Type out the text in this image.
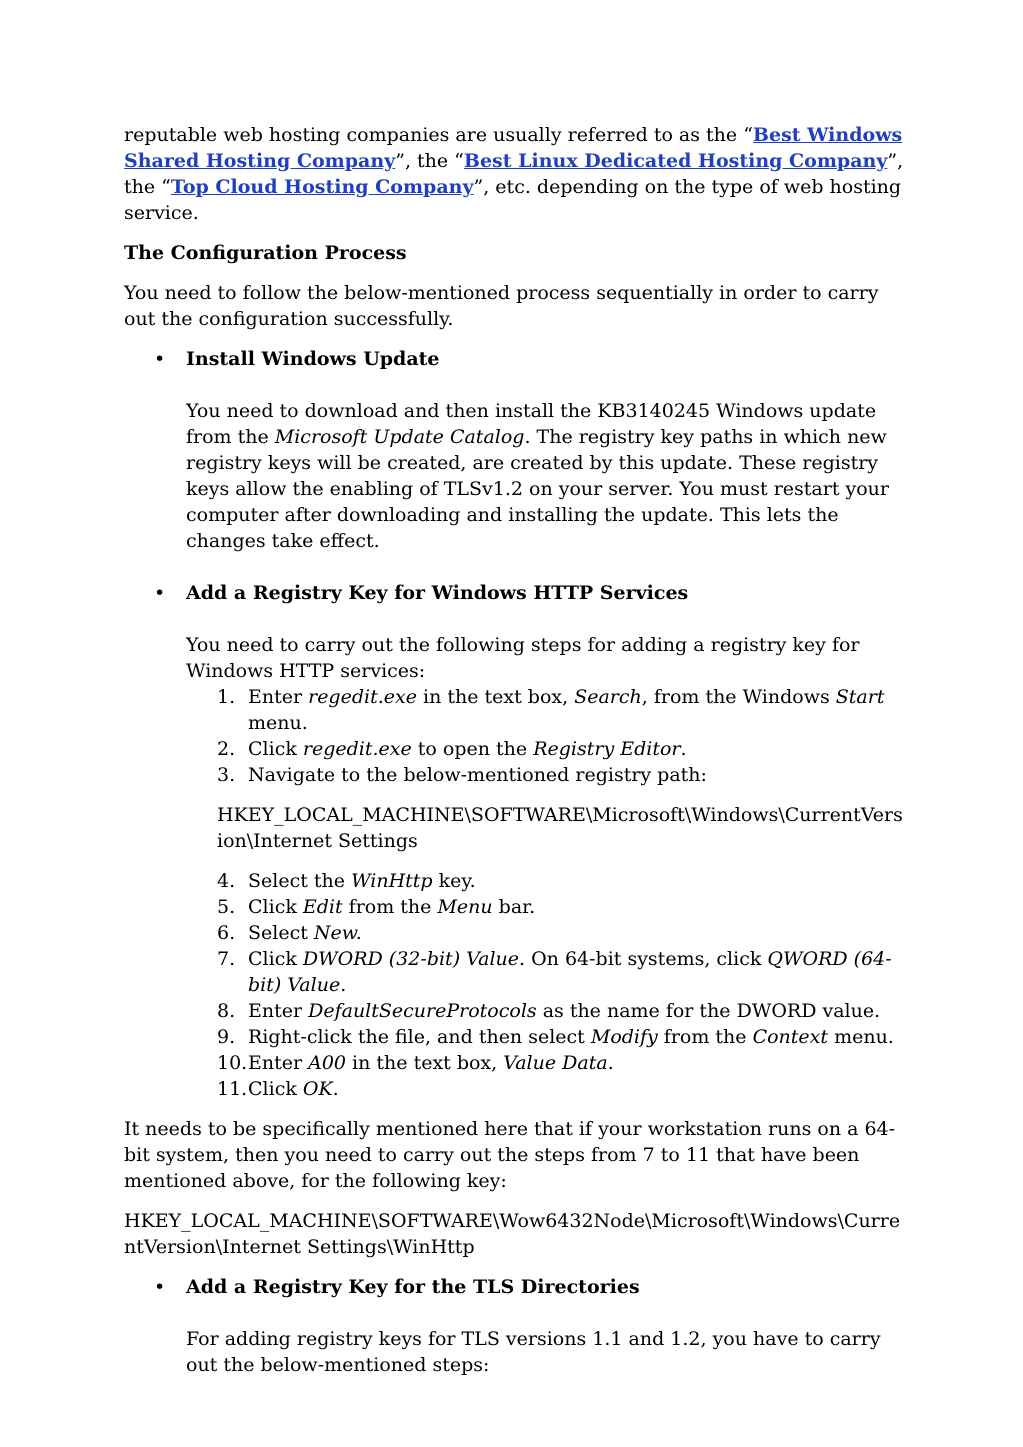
reputable web hosting companies are usually referred to as the “Best Windows Shared Hosting Company”, the “Best Linux Dedicated Hosting Company”, the “Top Cloud Hosting Company”, etc. depending on the type of web hosting service.

The Configuration Process

You need to follow the below-mentioned process sequentially in order to carry out the configuration successfully.

• Install Windows Update

You need to download and then install the KB3140245 Windows update from the Microsoft Update Catalog. The registry key paths in which new registry keys will be created, are created by this update. These registry keys allow the enabling of TLSv1.2 on your server. You must restart your computer after downloading and installing the update. This lets the changes take effect.

• Add a Registry Key for Windows HTTP Services

You need to carry out the following steps for adding a registry key for Windows HTTP services:

1. Enter regedit.exe in the text box, Search, from the Windows Start menu.
2. Click regedit.exe to open the Registry Editor.
3. Navigate to the below-mentioned registry path:

HKEY_LOCAL_MACHINE\SOFTWARE\Microsoft\Windows\CurrentVersion\Internet Settings

4. Select the WinHttp key.
5. Click Edit from the Menu bar.
6. Select New.
7. Click DWORD (32-bit) Value. On 64-bit systems, click QWORD (64-bit) Value.
8. Enter DefaultSecureProtocols as the name for the DWORD value.
9. Right-click the file, and then select Modify from the Context menu.
10. Enter A00 in the text box, Value Data.
11. Click OK.

It needs to be specifically mentioned here that if your workstation runs on a 64-bit system, then you need to carry out the steps from 7 to 11 that have been mentioned above, for the following key:

HKEY_LOCAL_MACHINE\SOFTWARE\Wow6432Node\Microsoft\Windows\CurrentVersion\Internet Settings\WinHttp

• Add a Registry Key for the TLS Directories

For adding registry keys for TLS versions 1.1 and 1.2, you have to carry out the below-mentioned steps:
